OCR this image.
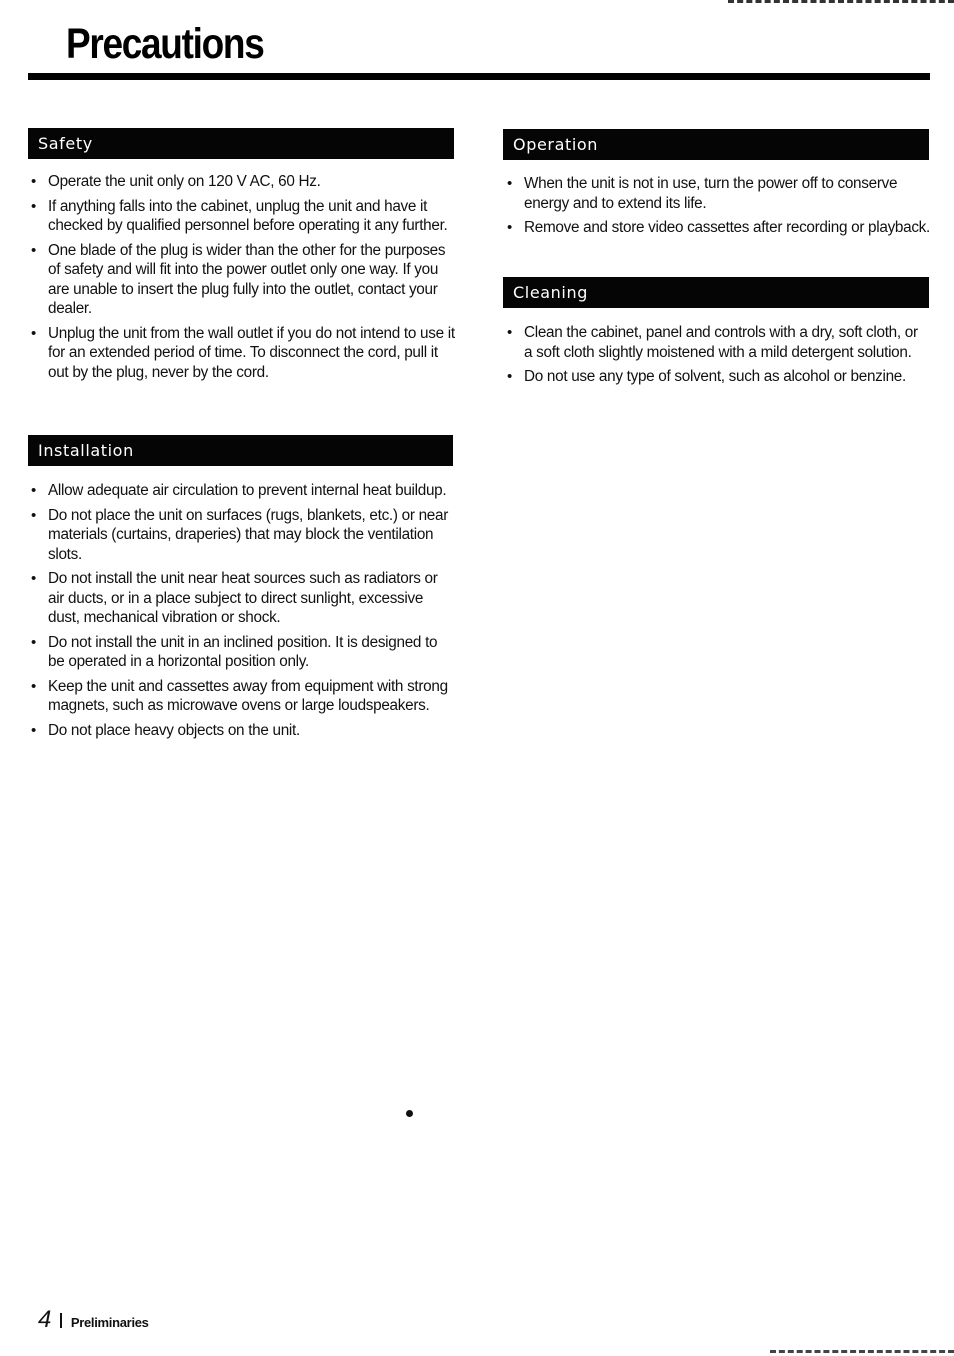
Precautions
Safety
• Operate the unit only on 120 V AC, 60 Hz.
• If anything falls into the cabinet, unplug the unit and have it checked by qualified personnel before operating it any further.
• One blade of the plug is wider than the other for the purposes of safety and will fit into the power outlet only one way. If you are unable to insert the plug fully into the outlet, contact your dealer.
• Unplug the unit from the wall outlet if you do not intend to use it for an extended period of time. To disconnect the cord, pull it out by the plug, never by the cord.
Installation
• Allow adequate air circulation to prevent internal heat buildup.
• Do not place the unit on surfaces (rugs, blankets, etc.) or near materials (curtains, draperies) that may block the ventilation slots.
• Do not install the unit near heat sources such as radiators or air ducts, or in a place subject to direct sunlight, excessive dust, mechanical vibration or shock.
• Do not install the unit in an inclined position. It is designed to be operated in a horizontal position only.
• Keep the unit and cassettes away from equipment with strong magnets, such as microwave ovens or large loudspeakers.
• Do not place heavy objects on the unit.
Operation
• When the unit is not in use, turn the power off to conserve energy and to extend its life.
• Remove and store video cassettes after recording or playback.
Cleaning
• Clean the cabinet, panel and controls with a dry, soft cloth, or a soft cloth slightly moistened with a mild detergent solution.
• Do not use any type of solvent, such as alcohol or benzine.
4 Preliminaries
